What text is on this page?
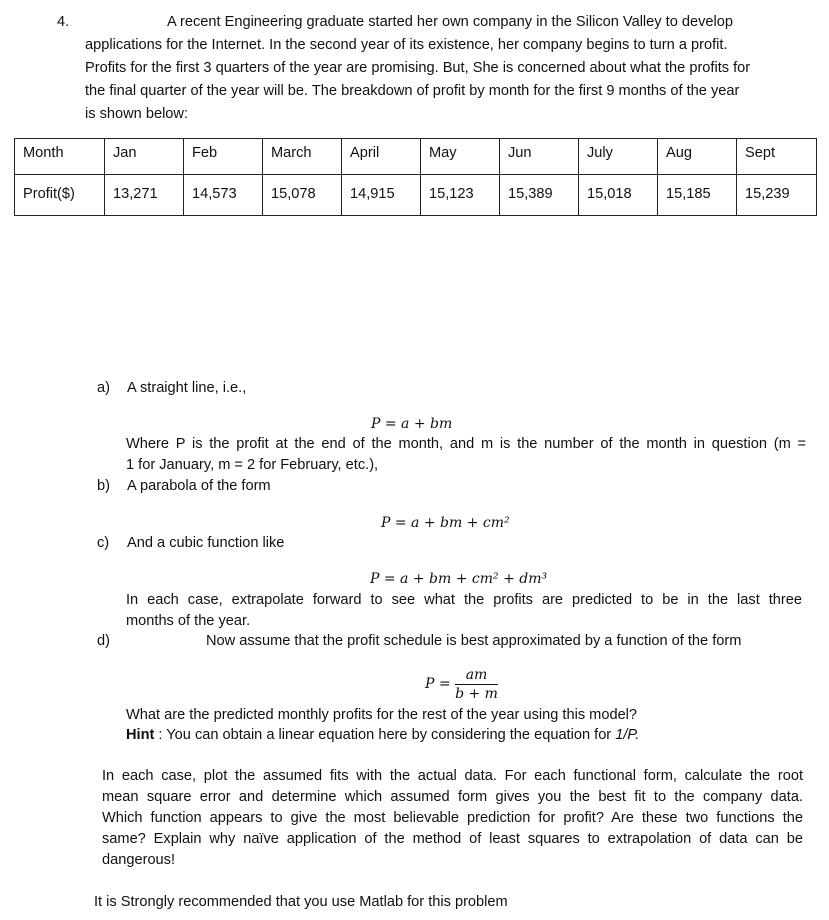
4.	A recent Engineering graduate started her own company in the Silicon Valley to develop
applications for the Internet. In the second year of its existence, her company begins to turn a profit.
Profits for the first 3 quarters of the year are promising. But, She is concerned about what the profits for
the final quarter of the year will be. The breakdown of profit by month for the first 9 months of the year
is shown below:
Month	Jan	Feb	March	April	May	Jun	July	Aug	Sept
Profit($)	13,271	14,573	15,078	14,915	15,123	15,389	15,018	15,185	15,239
a) A straight line, i.e.,
P = a + bm
Where P is the profit at the end of the month, and m is the number of the month in question (m =
1 for January, m = 2 for February, etc.),
b) A parabola of the form
P = a + bm + cm²
c) And a cubic function like
P = a + bm + cm² + dm³
In each case, extrapolate forward to see what the profits are predicted to be in the last three
months of the year.
d)	Now assume that the profit schedule is best approximated by a function of the form
$P = \frac{am}{b + m}$
What are the predicted monthly profits for the rest of the year using this model?
Hint : You can obtain a linear equation here by considering the equation for 1/P.
In each case, plot the assumed fits with the actual data. For each functional form, calculate the root
mean square error and determine which assumed form gives you the best fit to the company data.
Which function appears to give the most believable prediction for profit? Are these two functions the
same? Explain why naïve application of the method of least squares to extrapolation of data can be
dangerous!
It is Strongly recommended that you use Matlab for this problem
